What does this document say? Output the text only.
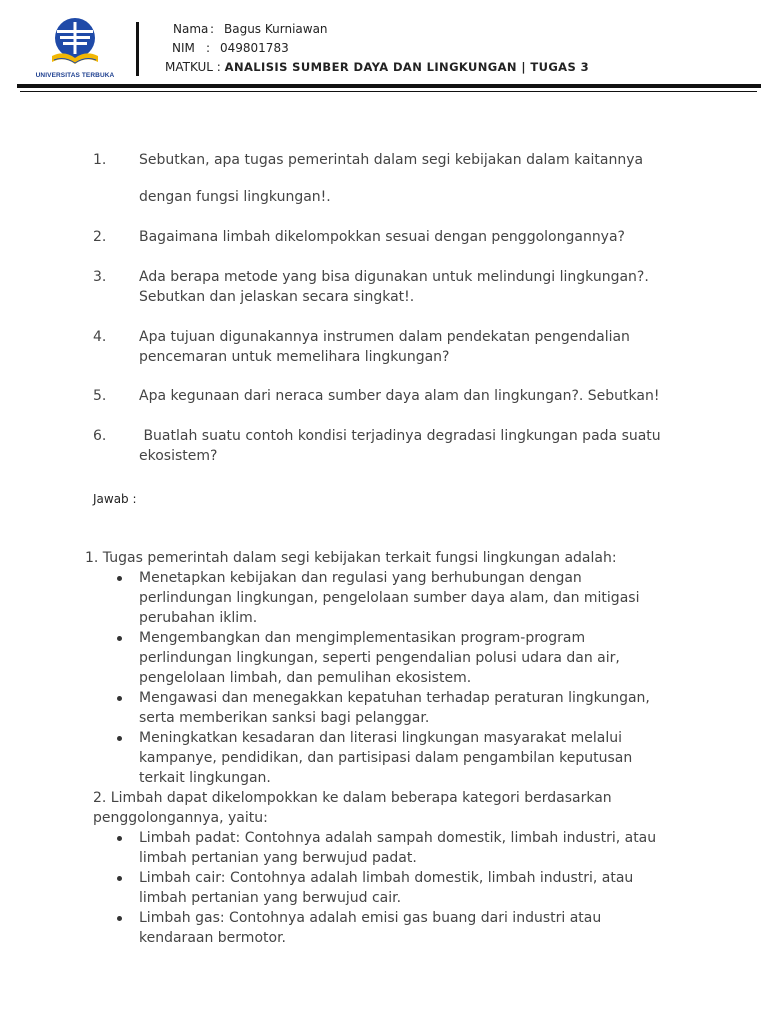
UNIVERSITAS TERBUKA
Nama : Bagus Kurniawan
NIM : 049801783
MATKUL : ANALISIS SUMBER DAYA DAN LINGKUNGAN | TUGAS 3
1.	Sebutkan, apa tugas pemerintah dalam segi kebijakan dalam kaitannya
dengan fungsi lingkungan!.
2.	Bagaimana limbah dikelompokkan sesuai dengan penggolongannya?
3.	Ada berapa metode yang bisa digunakan untuk melindungi lingkungan?. Sebutkan dan jelaskan secara singkat!.
4.	Apa tujuan digunakannya instrumen dalam pendekatan pengendalian pencemaran untuk memelihara lingkungan?
5.	Apa kegunaan dari neraca sumber daya alam dan lingkungan?. Sebutkan!
6.	Buatlah suatu contoh kondisi terjadinya degradasi lingkungan pada suatu ekosistem?
Jawab :

1. Tugas pemerintah dalam segi kebijakan terkait fungsi lingkungan adalah:

Menetapkan kebijakan dan regulasi yang berhubungan dengan perlindungan lingkungan, pengelolaan sumber daya alam, dan mitigasi perubahan iklim.
Mengembangkan dan mengimplementasikan program-program perlindungan lingkungan, seperti pengendalian polusi udara dan air, pengelolaan limbah, dan pemulihan ekosistem.
Mengawasi dan menegakkan kepatuhan terhadap peraturan lingkungan, serta memberikan sanksi bagi pelanggar.
Meningkatkan kesadaran dan literasi lingkungan masyarakat melalui kampanye, pendidikan, dan partisipasi dalam pengambilan keputusan terkait lingkungan.

2. Limbah dapat dikelompokkan ke dalam beberapa kategori berdasarkan penggolongannya, yaitu:

Limbah padat: Contohnya adalah sampah domestik, limbah industri, atau limbah pertanian yang berwujud padat.
Limbah cair: Contohnya adalah limbah domestik, limbah industri, atau limbah pertanian yang berwujud cair.
Limbah gas: Contohnya adalah emisi gas buang dari industri atau kendaraan bermotor.
